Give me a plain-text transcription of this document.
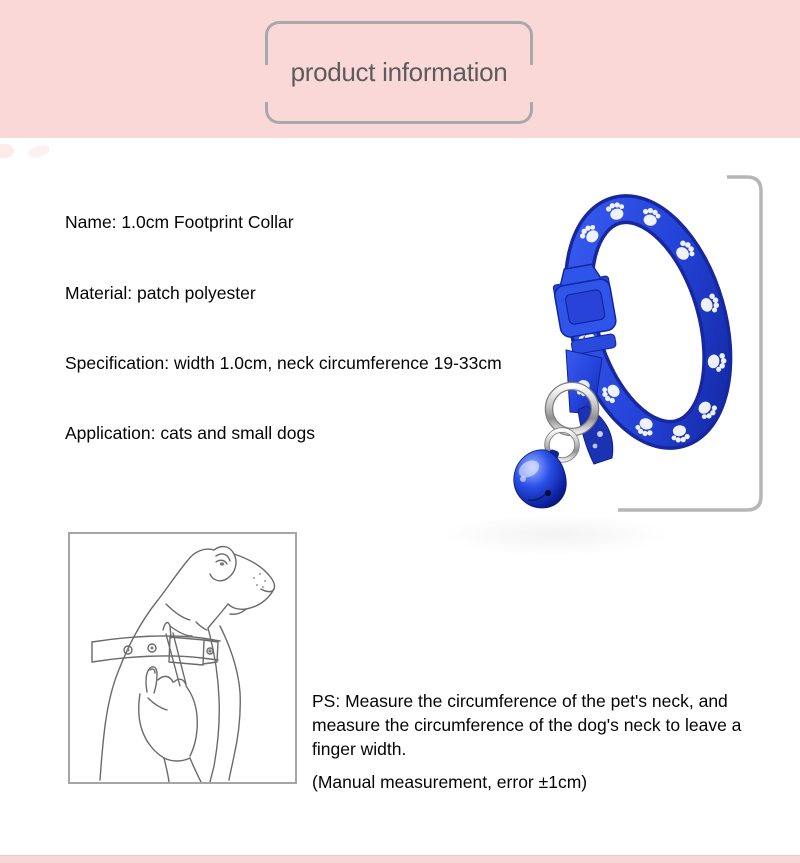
product information
Name: 1.0cm Footprint Collar
Material: patch polyester
Specification: width 1.0cm, neck circumference 19-33cm
Application: cats and small dogs

PS: Measure the circumference of the pet's neck, and measure the circumference of the dog's neck to leave a finger width.

(Manual measurement, error ±1cm)
